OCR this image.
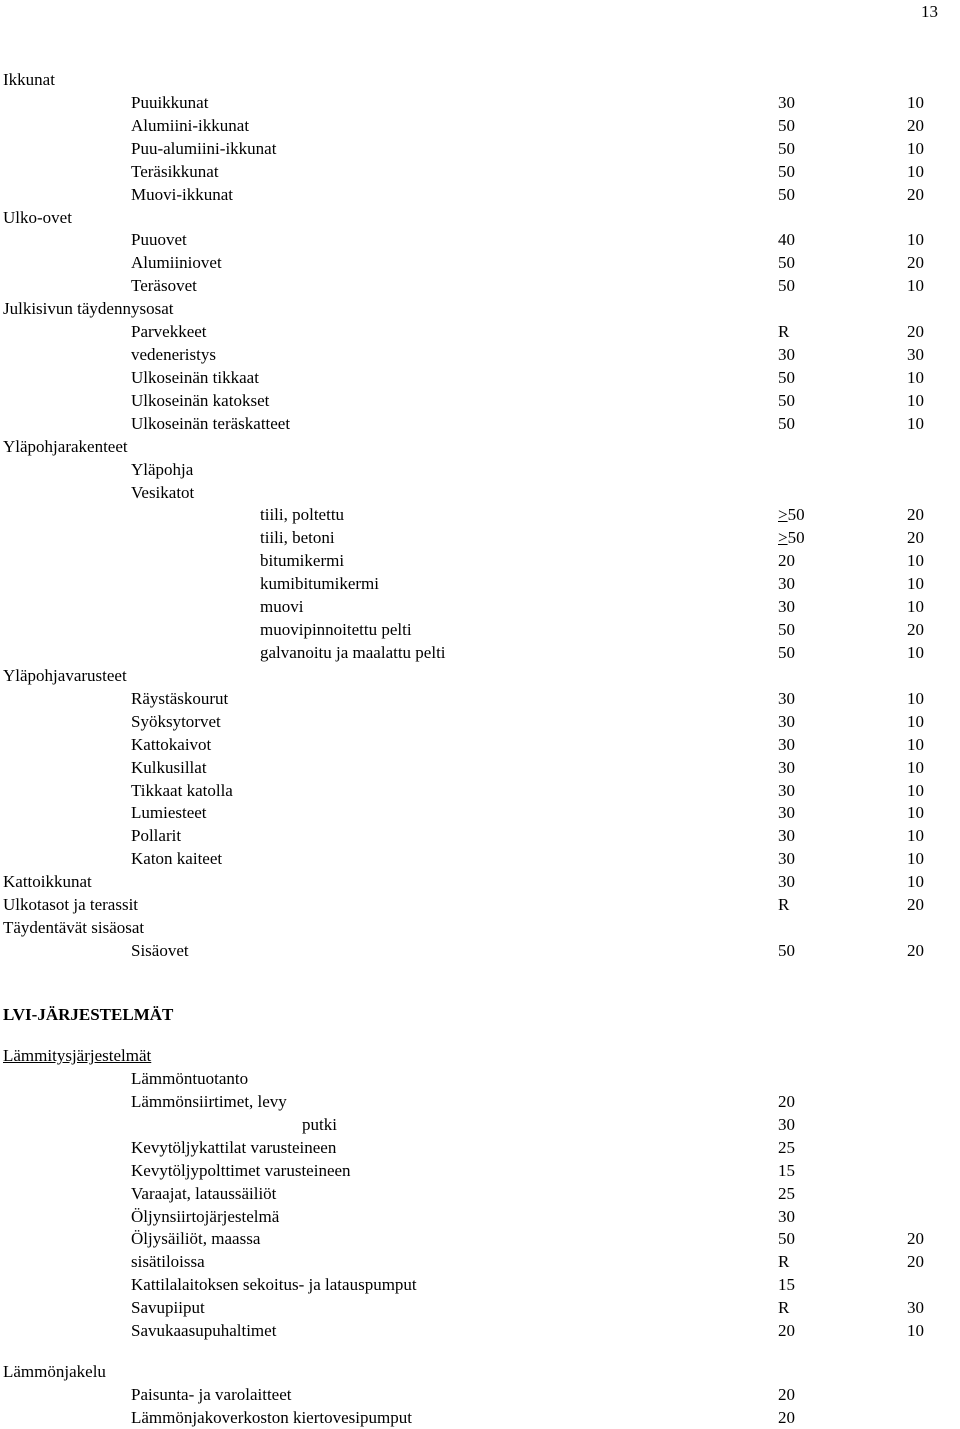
13
Ikkunat
Puuikkunat	30	10
Alumiini-ikkunat	50	20
Puu-alumiini-ikkunat	50	10
Teräsikkunat	50	10
Muovi-ikkunat	50	20
Ulko-ovet
Puuovet	40	10
Alumiiniovet	50	20
Teräsovet	50	10
Julkisivun täydennysosat
Parvekkeet	R	20
vedeneristys	30	30
Ulkoseinän tikkaat	50	10
Ulkoseinän katokset	50	10
Ulkoseinän teräskatteet	50	10
Yläpohjarakenteet
Yläpohja
Vesikatot
tiili, poltettu	>50	20
tiili, betoni	>50	20
bitumikermi	20	10
kumibitumikermi	30	10
muovi	30	10
muovipinnoitettu pelti	50	20
galvanoitu ja maalattu pelti	50	10
Yläpohjavarusteet
Räystäskourut	30	10
Syöksytorvet	30	10
Kattokaivot	30	10
Kulkusillat	30	10
Tikkaat katolla	30	10
Lumiesteet	30	10
Pollarit	30	10
Katon kaiteet	30	10
Kattoikkunat	30	10
Ulkotasot ja terassit	R	20
Täydentävät sisäosat
Sisäovet	50	20
LVI-JÄRJESTELMÄT
Lämmitysjärjestelmät
Lämmöntuotanto
Lämmönsiirtimet, levy	20
putki	30
Kevytöljykattilat varusteineen	25
Kevytöljypolttimet varusteineen	15
Varaajat, lataussäiliöt	25
Öljynsiirtojärjestelmä	30
Öljysäiliöt, maassa	50	20
sisätiloissa	R	20
Kattilalaitoksen sekoitus- ja latauspumput	15
Savupiiput	R	30
Savukaasupuhaltimet	20	10
Lämmönjakelu
Paisunta- ja varolaitteet	20
Lämmönjakoverkoston kiertovesipumput	20
